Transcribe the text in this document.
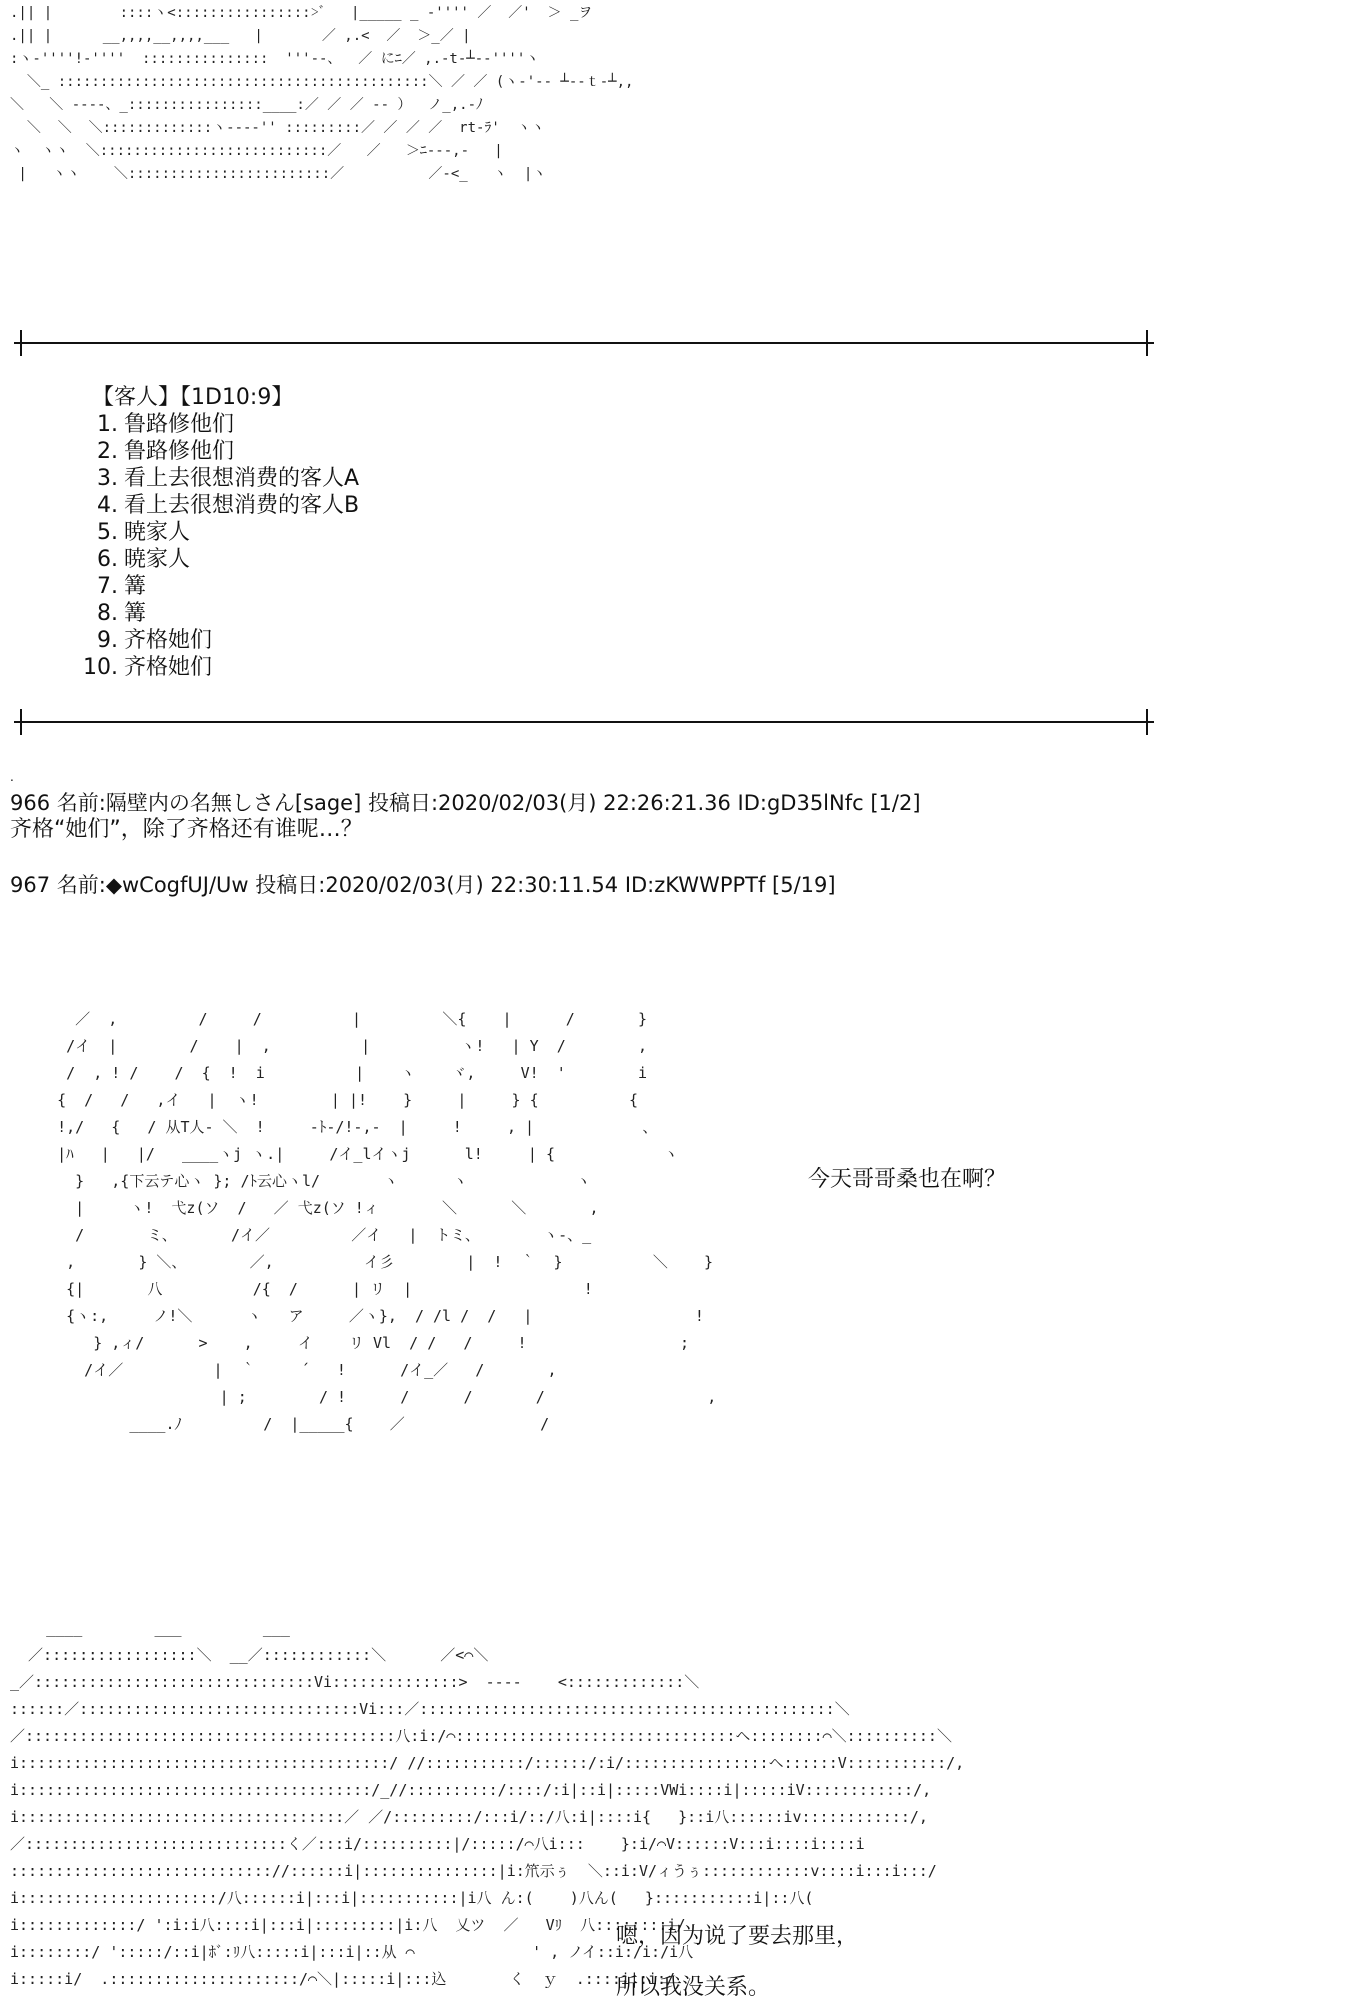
.|| |        ::::ヽ<::::::::::::::::>ﾞ   |_____ _ -'''' ／  ／'  ＞ _ヲ
.|| |      __,,,,__,,,,___   |       ／ ,.<  ／  ＞_／ |
:ヽ-''''!-''''  :::::::::::::::  '''--、  ／ にﾆ／ ,.-t-┴--''''ヽ
＼_ ::::::::::::::::::::::::::::::::::::::::::::＼ ／ ／ (ヽ-'-- ┴--ｔ-┴,,
＼   ＼ ----、_::::::::::::::::____:／ ／ ／ -- ）  ノ_,.-ﾉ
＼  ＼  ＼:::::::::::::ヽ----'' :::::::::／ ／ ／ ／  rt-ﾗ'  ヽヽ
ヽ  ヽヽ  ＼:::::::::::::::::::::::::::／   ／   ＞ﾆ---,-   |
|   ヽヽ    ＼::::::::::::::::::::::::／          ／-<_   ヽ  |ヽ
【客人】【1D10:9】
1. 鲁路修他们
2. 鲁路修他们
3. 看上去很想消费的客人A
4. 看上去很想消费的客人B
5. 暁家人
6. 暁家人
7. 篝
8. 篝
9. 齐格她们
10. 齐格她们
.
966 名前:隔壁内の名無しさん[sage] 投稿日:2020/02/03(月) 22:26:21.36 ID:gD35lNfc [1/2]
齐格“她们”，除了齐格还有谁呢…？
967 名前:◆wCogfUJ/Uw 投稿日:2020/02/03(月) 22:30:11.54 ID:zKWWPPTf [5/19]
／  ,         /     /          |         ＼{    |      /       }
/イ  |        /    |  ,          |          ヽ!   | Y  /        ,
/  , ! /    /  {  !  i          |    ヽ    ヾ,     V!  '        i
{  /   /   ,イ   |  ヽ!        | |!    }     |     } {          {
!,/   {   / 从T人- ＼  !     -ﾄ-/!-,-  |     !     , |            、
|ﾊ   |   |/   ____ヽj ヽ.|     /イ_lイヽj      l!     | {            ヽ
}   ,{下云テ心ヽ }; /ﾄ云心ヽl/       ヽ      ヽ            ヽ
|     ヽ!  弋z(ソ  /   ／ 弋z(ソ !ィ       ＼      ＼       ,
/       ミ、      /イ／         ／イ   |  トミ、       ヽ-、_
,       } ＼、       ／,          イ彡        |  !  ｀  }          ＼    }
{|       八          /{  /      | リ  |                   !
{ヽ:,     ノ!＼      ヽ   ア     ／ヽ},  / /l /  /   |                  !
} ,ィ/      >    ,     イ    リ Vl  / /   /     !                 ;
/イ／          |  ｀     ´   !      /イ_／   /       ,
| ;        / !      /      /       /                  ,
____.ﾉ         /  |_____{    ／               /
今天哥哥桑也在啊？
____        ___         ___
／:::::::::::::::::＼  __／::::::::::::＼      ／<⌒＼
_／:::::::::::::::::::::::::::::::Vi::::::::::::::>  ----    <:::::::::::::＼
::::::／:::::::::::::::::::::::::::::::Vi:::／::::::::::::::::::::::::::::::::::::::::::::::＼
／:::::::::::::::::::::::::::::::::::::::::八:i:/⌒:::::::::::::::::::::::::::::::ヘ::::::::⌒＼::::::::::＼
i:::::::::::::::::::::::::::::::::::::::::/ //:::::::::::/::::::/:i/::::::::::::::::ヘ::::::V:::::::::::/,
i:::::::::::::::::::::::::::::::::::::::/_//::::::::::/::::/:i|::i|:::::VWi::::i|:::::iV::::::::::::/,
i::::::::::::::::::::::::::::::::::::／ ／/:::::::::/:::i/::/八:i|::::i{   }::i八::::::iv::::::::::::/,
／:::::::::::::::::::::::::::::く／:::i/::::::::::|/:::::/⌒八i:::    }:i/⌒V::::::V:::i::::i::::i
::::::::::::::::::::::::::::://::::::i|:::::::::::::::|i:笊示ぅ  ＼::i:V/ィうぅ::::::::::::v::::i:::i:::/
i::::::::::::::::::::::/八::::::i|:::i|:::::::::::|i八 ん:(    )八ん(   }:::::::::::i|::八(
i:::::::::::::/ ':i:i八::::i|:::i|:::::::::|i:八  乂ツ  ／   Vﾘ  八::::::::i/
i::::::::/ ':::::/::i|ﾎﾞ:ﾘ八:::::i|:::i|::从 ⌒             ' , ノイ::i:/i:/i八
i:::::i/  .:::::::::::::::::::::/⌒＼|:::::i|:::込       く  ｙ  .::::i|:i:/
嗯，因为说了要去那里，
所以我没关系。
